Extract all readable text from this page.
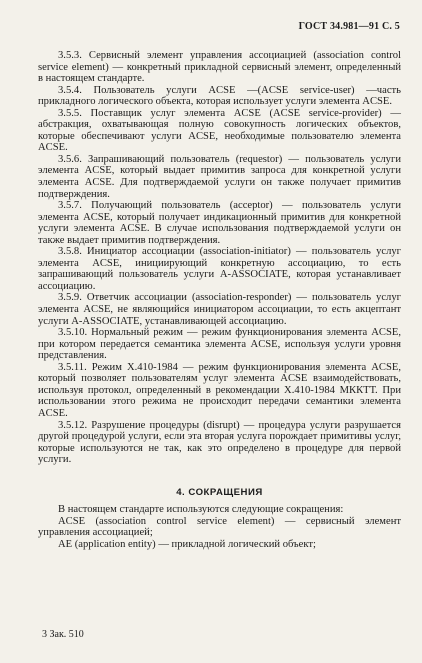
ГОСТ 34.981—91 С. 5

3.5.3. Сервисный элемент управления ассоциацией (association control service element) — конкретный прикладной сервисный элемент, определенный в настоящем стандарте.

3.5.4. Пользователь услуги ACSE —(ACSE service-user) —часть прикладного логического объекта, которая использует услуги элемента ACSE.

3.5.5. Поставщик услуг элемента ACSE (ACSE service-provider) — абстракция, охватывающая полную совокупность логических объектов, которые обеспечивают услуги ACSE, необходимые пользователю элемента ACSE.

3.5.6. Запрашивающий пользователь (requestor) — пользователь услуги элемента ACSE, который выдает примитив запроса для конкретной услуги элемента ACSE. Для подтверждаемой услуги он также получает примитив подтверждения.

3.5.7. Получающий пользователь (acceptor) — пользователь услуги элемента ACSE, который получает индикационный примитив для конкретной услуги элемента ACSE. В случае использования подтверждаемой услуги он также выдает примитив подтверждения.

3.5.8. Инициатор ассоциации (association-initiator) — пользователь услуг элемента ACSE, инициирующий конкретную ассоциацию, то есть запрашивающий пользователь услуги A-ASSOCIATE, которая устанавливает ассоциацию.

3.5.9. Ответчик ассоциации (association-responder) — пользователь услуг элемента ACSE, не являющийся инициатором ассоциации, то есть акцептант услуги A-ASSOCIATE, устанавливающей ассоциацию.

3.5.10. Нормальный режим — режим функционирования элемента ACSE, при котором передается семантика элемента ACSE, используя услуги уровня представления.

3.5.11. Режим X.410-1984 — режим функционирования элемента ACSE, который позволяет пользователям услуг элемента ACSE взаимодействовать, используя протокол, определенный в рекомендации X.410-1984 МККТТ. При использовании этого режима не происходит передачи семантики элемента ACSE.

3.5.12. Разрушение процедуры (disrupt) — процедура услуги разрушается другой процедурой услуги, если эта вторая услуга порождает примитивы услуг, которые используются не так, как это определено в процедуре для первой услуги.

4. СОКРАЩЕНИЯ

В настоящем стандарте используются следующие сокращения:

ACSE (association control service element) — сервисный элемент управления ассоциацией;

AE (application entity) — прикладной логический объект;

3 Зак. 510
